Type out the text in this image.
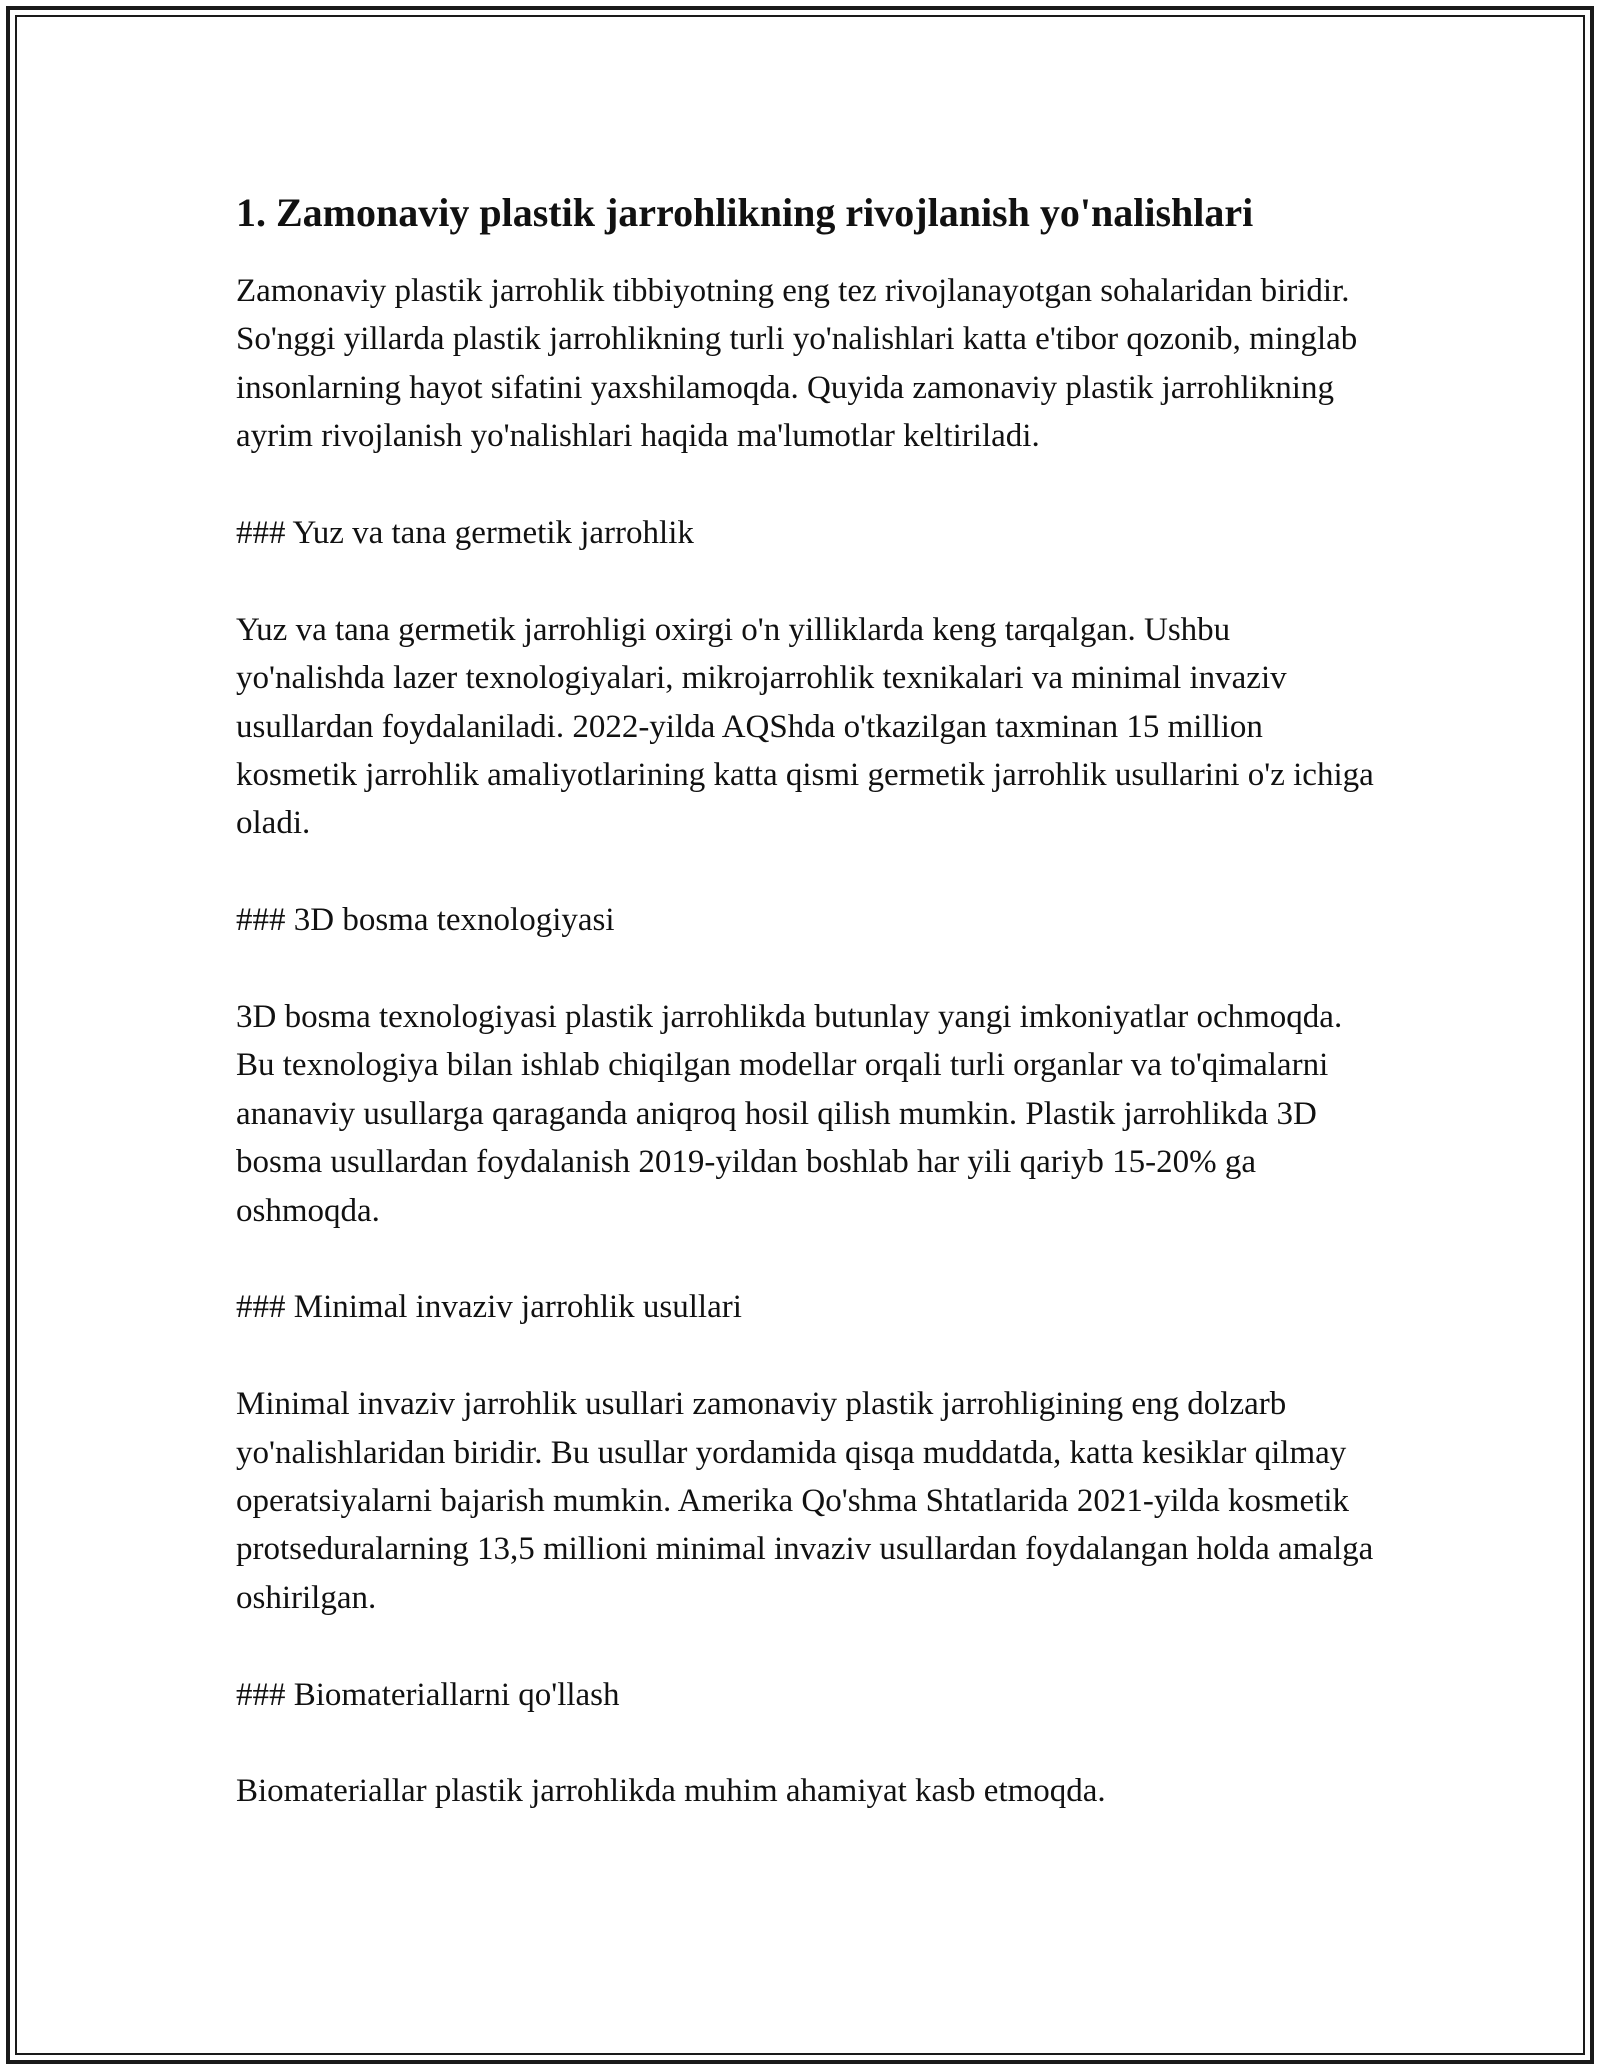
1. Zamonaviy plastik jarrohlikning rivojlanish yo'nalishlari

Zamonaviy plastik jarrohlik tibbiyotning eng tez rivojlanayotgan sohalaridan biridir. So'nggi yillarda plastik jarrohlikning turli yo'nalishlari katta e'tibor qozonib, minglab insonlarning hayot sifatini yaxshilamoqda. Quyida zamonaviy plastik jarrohlikning ayrim rivojlanish yo'nalishlari haqida ma'lumotlar keltiriladi.

### Yuz va tana germetik jarrohlik

Yuz va tana germetik jarrohligi oxirgi o'n yilliklarda keng tarqalgan. Ushbu yo'nalishda lazer texnologiyalari, mikrojarrohlik texnikalari va minimal invaziv usullardan foydalaniladi. 2022-yilda AQShda o'tkazilgan taxminan 15 million kosmetik jarrohlik amaliyotlarining katta qismi germetik jarrohlik usullarini o'z ichiga oladi.

### 3D bosma texnologiyasi

3D bosma texnologiyasi plastik jarrohlikda butunlay yangi imkoniyatlar ochmoqda. Bu texnologiya bilan ishlab chiqilgan modellar orqali turli organlar va to'qimalarni ananaviy usullarga qaraganda aniqroq hosil qilish mumkin. Plastik jarrohlikda 3D bosma usullardan foydalanish 2019-yildan boshlab har yili qariyb 15-20% ga oshmoqda.

### Minimal invaziv jarrohlik usullari

Minimal invaziv jarrohlik usullari zamonaviy plastik jarrohligining eng dolzarb yo'nalishlaridan biridir. Bu usullar yordamida qisqa muddatda, katta kesiklar qilmay operatsiyalarni bajarish mumkin. Amerika Qo'shma Shtatlarida 2021-yilda kosmetik protseduralarning 13,5 millioni minimal invaziv usullardan foydalangan holda amalga oshirilgan.

### Biomateriallarni qo'llash

Biomateriallar plastik jarrohlikda muhim ahamiyat kasb etmoqda.
